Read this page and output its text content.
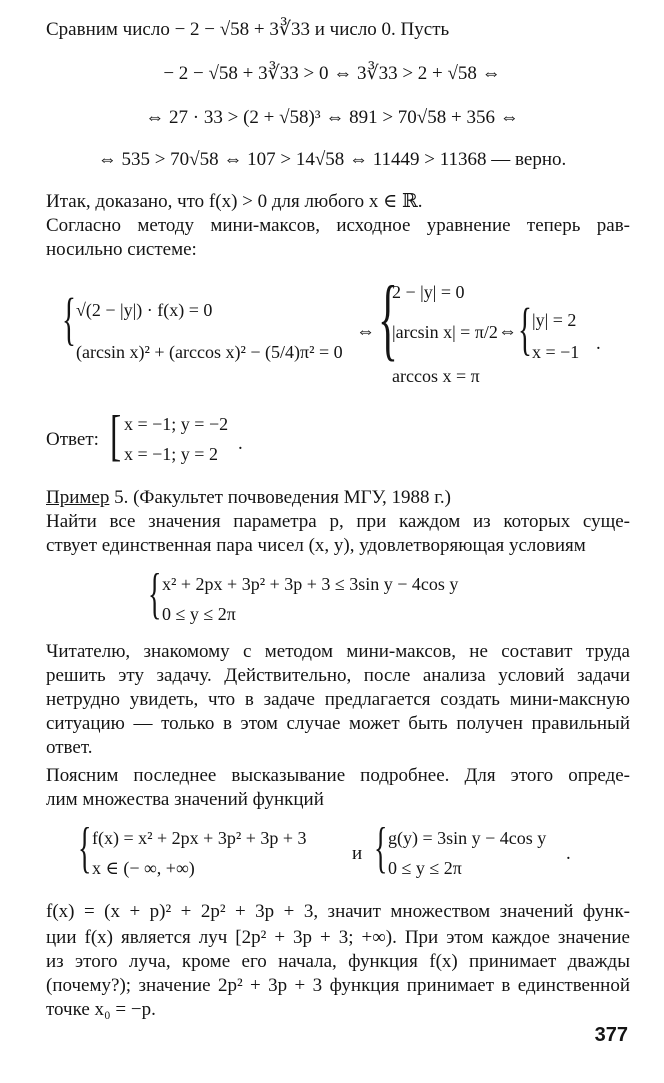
Сравним число − 2 − √58 + 3∛33 и число 0. Пусть
− 2 − √58 + 3∛33 > 0 ⇔ 3∛33 > 2 + √58 ⇔
⇔ 27 · 33 > (2 + √58)³ ⇔ 891 > 70√58 + 356 ⇔
⇔ 535 > 70√58 ⇔ 107 > 14√58 ⇔ 11449 > 11368 — верно.
Итак, доказано, что f(x) > 0 для любого x ∈ ℝ.
Согласно методу мини-максов, исходное уравнение теперь рав-
носильно системе:
{ √(2 − |y|) · f(x) = 0
(arcsin x)² + (arccos x)² − (5/4)π² = 0
⇔ {
2 − |y| = 0
|arcsin x| = π/2
arccos x = π
⇔ { |y| = 2
x = −1 .
Ответ: [ x = −1; y = −2
x = −1; y = 2 .
Пример 5. (Факультет почвоведения МГУ, 1988 г.)
Найти все значения параметра p, при каждом из которых суще-
ствует единственная пара чисел (x, y), удовлетворяющая условиям
{ x² + 2px + 3p² + 3p + 3 ≤ 3sin y − 4cos y
0 ≤ y ≤ 2π
Читателю, знакомому с методом мини-максов, не составит труда
решить эту задачу. Действительно, после анализа условий задачи
нетрудно увидеть, что в задаче предлагается создать мини-максную
ситуацию — только в этом случае может быть получен правильный
ответ.
Поясним последнее высказывание подробнее. Для этого опреде-
лим множества значений функций
{ f(x) = x² + 2px + 3p² + 3p + 3
x ∈ (− ∞, +∞)
и { g(y) = 3sin y − 4cos y
0 ≤ y ≤ 2π
.
f(x) = (x + p)² + 2p² + 3p + 3, значит множеством значений функ-
ции f(x) является луч [2p² + 3p + 3; +∞). При этом каждое значение
из этого луча, кроме его начала, функция f(x) принимает дважды
(почему?); значение 2p² + 3p + 3 функция принимает в единственной
точке x₀ = −p.
377
